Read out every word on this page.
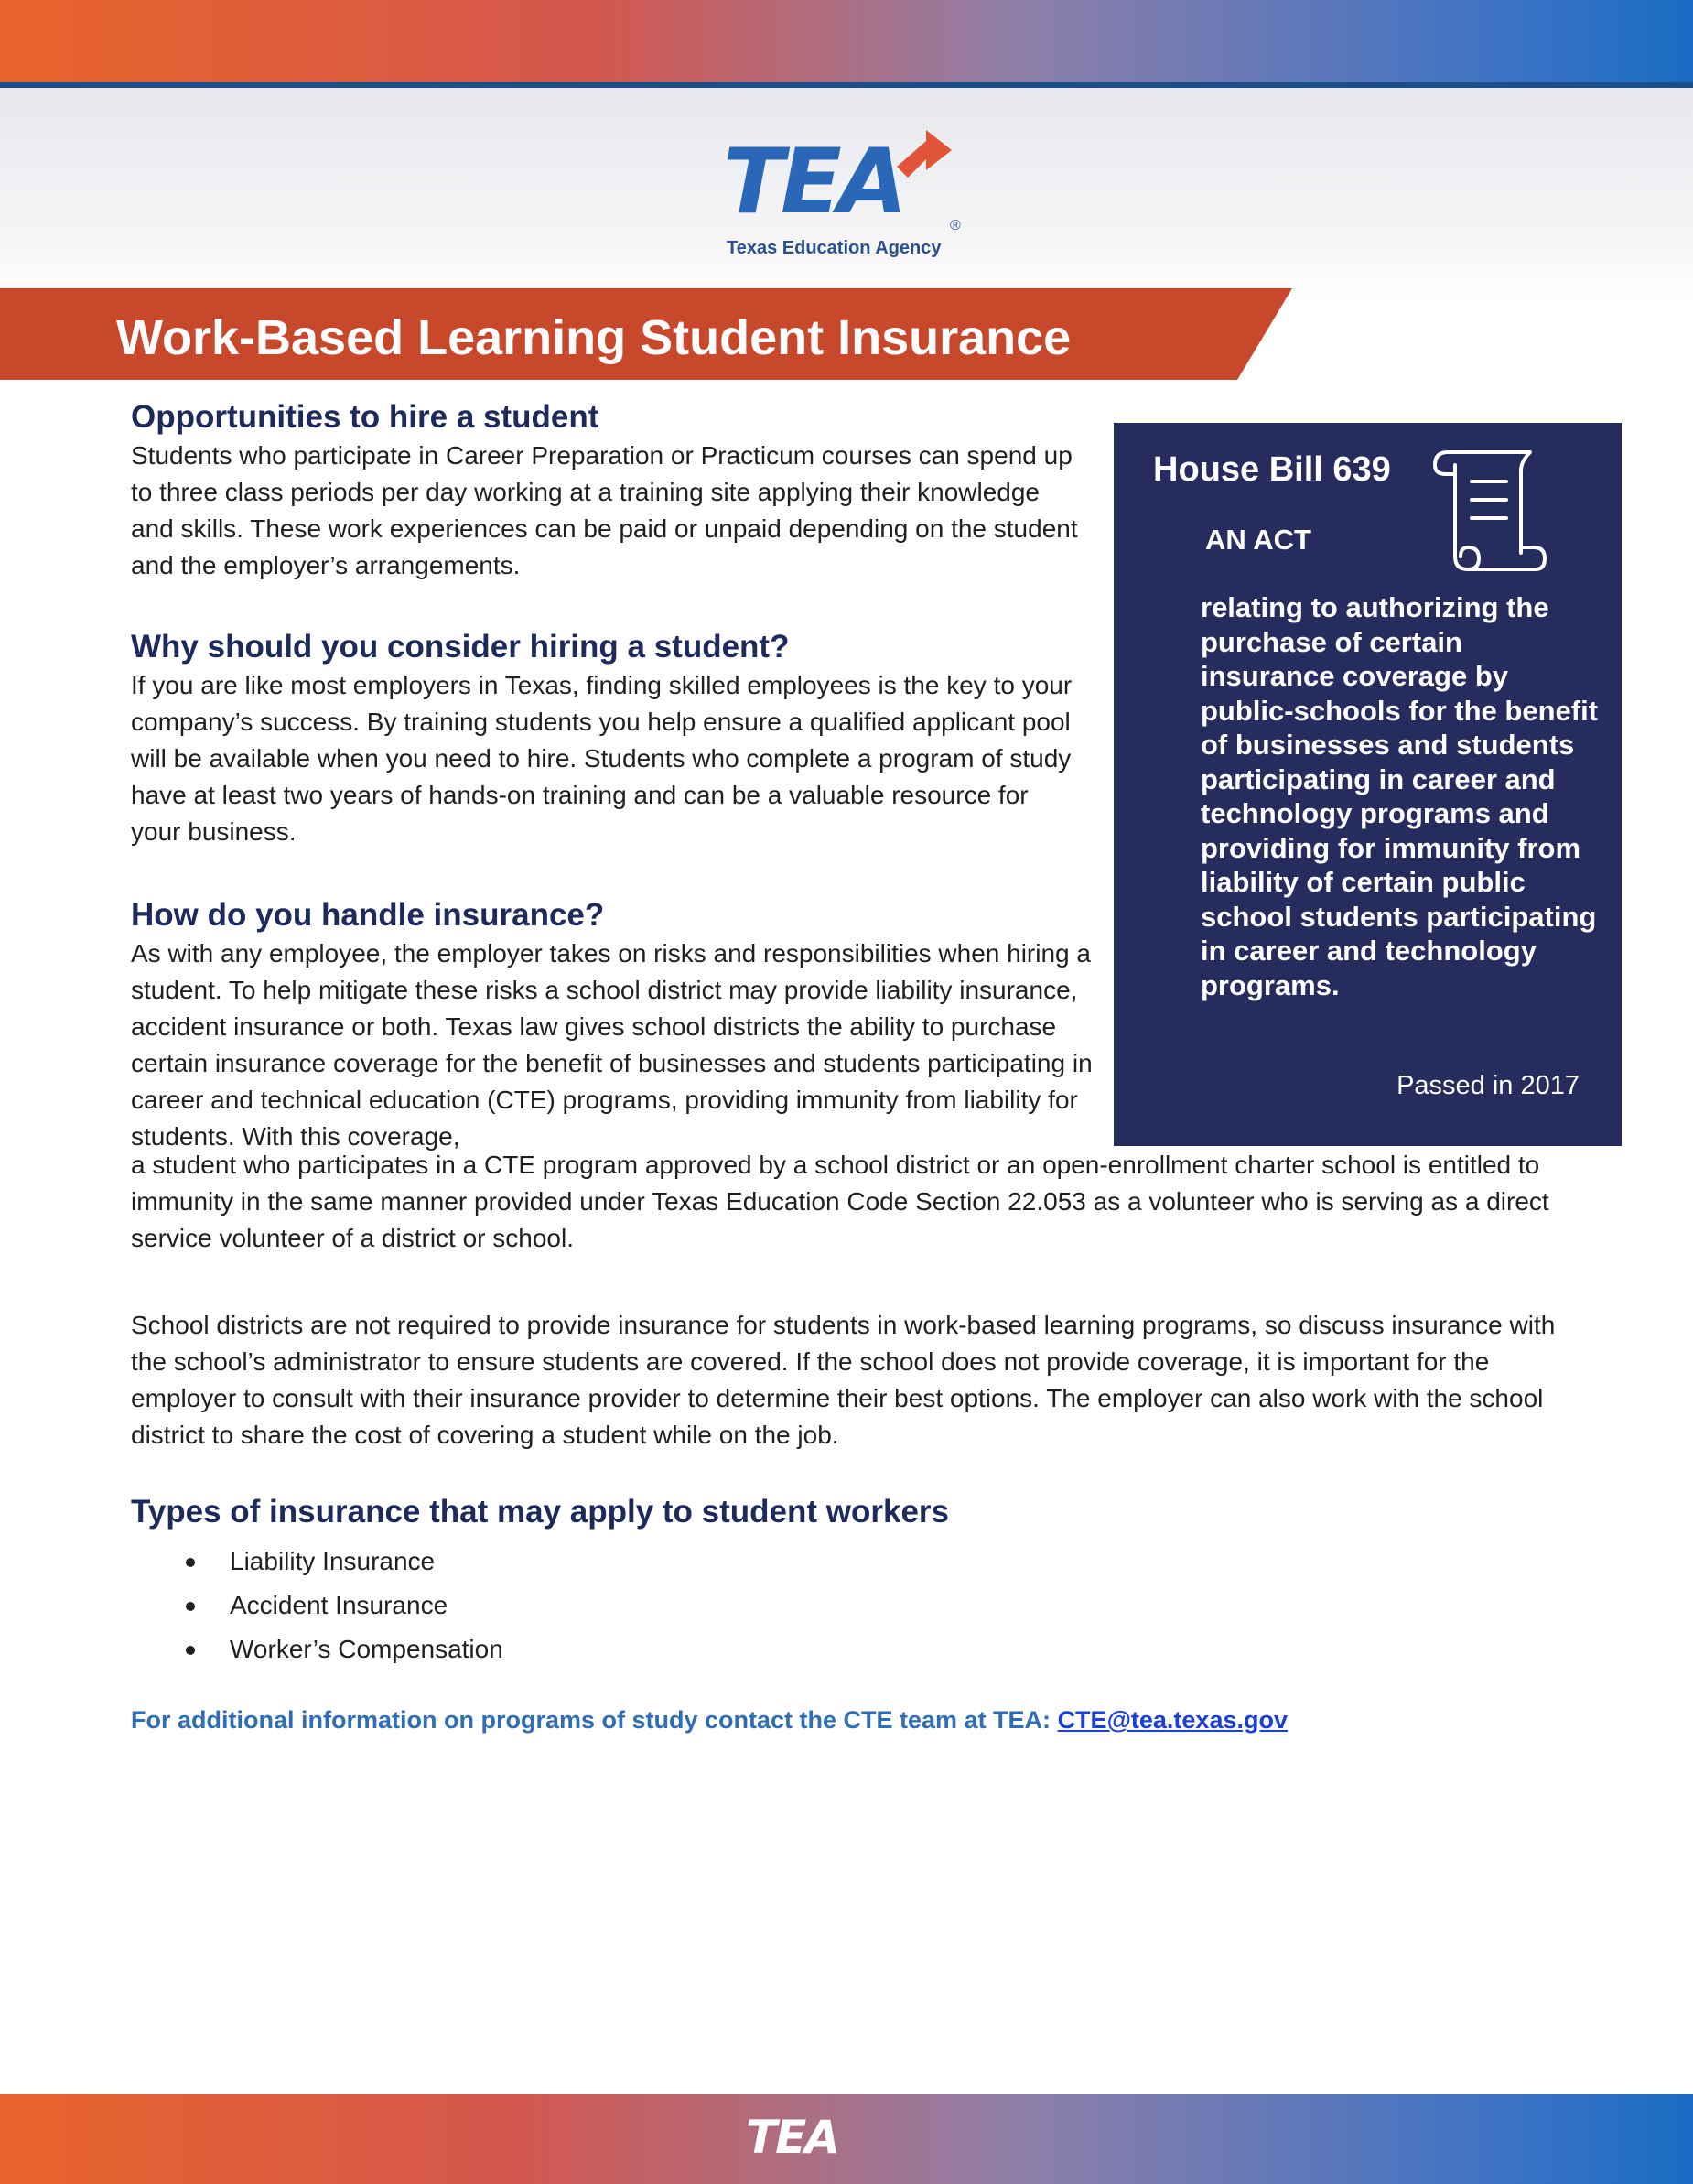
TEA	®
Texas Education Agency
Work-Based Learning Student Insurance
Opportunities to hire a student

Students who participate in Career Preparation or Practicum courses can spend up to three class periods per day working at a training site applying their knowledge and skills. These work experiences can be paid or unpaid depending on the student and the employer’s arrangements.

Why should you consider hiring a student?

If you are like most employers in Texas, finding skilled employees is the key to your company’s success. By training students you help ensure a qualified applicant pool will be available when you need to hire. Students who complete a program of study have at least two years of hands-on training and can be a valuable resource for your business.

How do you handle insurance?

As with any employee, the employer takes on risks and responsibilities when hiring a student. To help mitigate these risks a school district may provide liability insurance, accident insurance or both. Texas law gives school districts the ability to purchase certain insurance coverage for the benefit of businesses and students participating in career and technical education (CTE) programs, providing immunity from liability for students. With this coverage,

a student who participates in a CTE program approved by a school district or an open-enrollment charter school is entitled to immunity in the same manner provided under Texas Education Code Section 22.053 as a volunteer who is serving as a direct service volunteer of a district or school.

School districts are not required to provide insurance for students in work-based learning programs, so discuss insurance with the school’s administrator to ensure students are covered. If the school does not provide coverage, it is important for the employer to consult with their insurance provider to determine their best options. The employer can also work with the school district to share the cost of covering a student while on the job.

Types of insurance that may apply to student workers
Liability Insurance
Accident Insurance
Worker’s Compensation
For additional information on programs of study contact the CTE team at TEA: CTE@tea.texas.gov
House Bill 639
AN ACT
relating to authorizing the purchase of certain insurance coverage by public-schools for the benefit of businesses and students participating in career and technology programs and providing for immunity from liability of certain public school students participating in career and technology programs.
Passed in 2017
TEA
